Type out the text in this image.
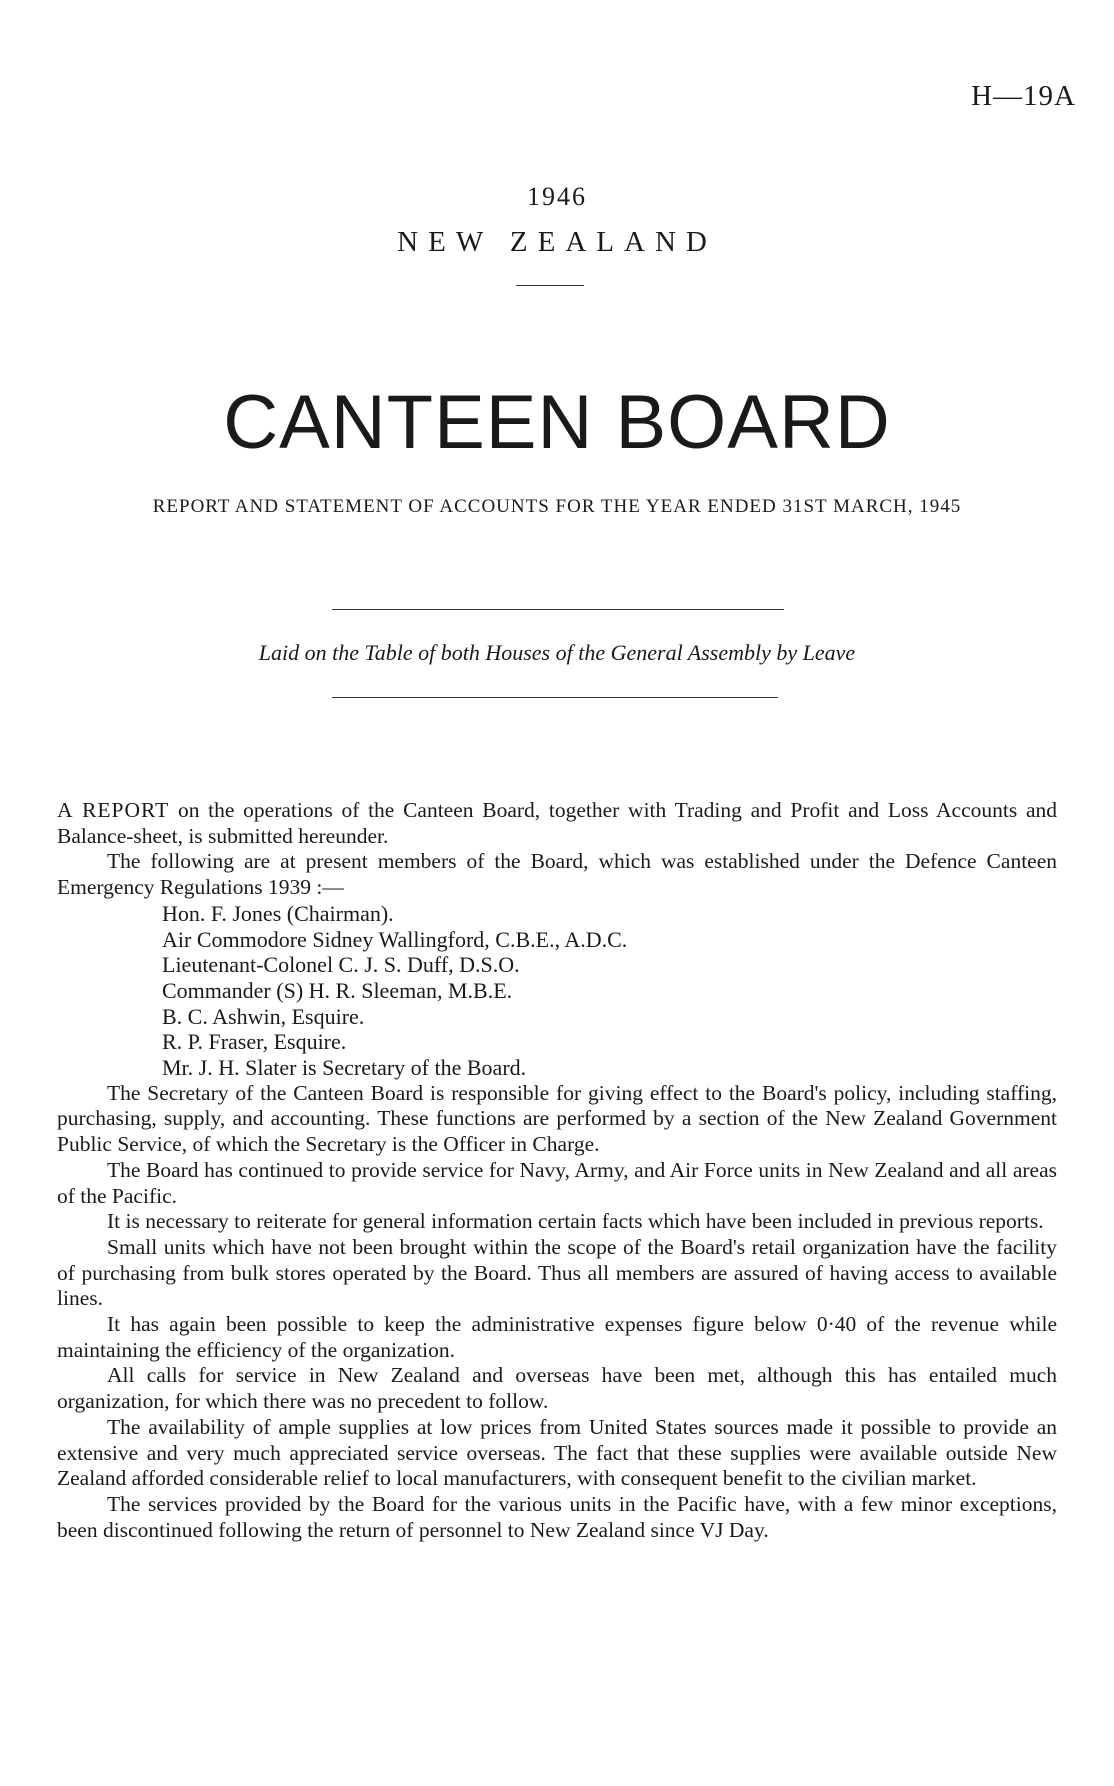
H—19A
1946
NEW ZEALAND
CANTEEN BOARD
REPORT AND STATEMENT OF ACCOUNTS FOR THE YEAR ENDED 31ST MARCH, 1945
Laid on the Table of both Houses of the General Assembly by Leave

A REPORT on the operations of the Canteen Board, together with Trading and Profit and Loss Accounts and Balance-sheet, is submitted hereunder.

The following are at present members of the Board, which was established under the Defence Canteen Emergency Regulations 1939 :—

Hon. F. Jones (Chairman).
Air Commodore Sidney Wallingford, C.B.E., A.D.C.
Lieutenant-Colonel C. J. S. Duff, D.S.O.
Commander (S) H. R. Sleeman, M.B.E.
B. C. Ashwin, Esquire.
R. P. Fraser, Esquire.
Mr. J. H. Slater is Secretary of the Board.

The Secretary of the Canteen Board is responsible for giving effect to the Board's policy, including staffing, purchasing, supply, and accounting. These functions are performed by a section of the New Zealand Government Public Service, of which the Secretary is the Officer in Charge.

The Board has continued to provide service for Navy, Army, and Air Force units in New Zealand and all areas of the Pacific.

It is necessary to reiterate for general information certain facts which have been included in previous reports.

Small units which have not been brought within the scope of the Board's retail organization have the facility of purchasing from bulk stores operated by the Board. Thus all members are assured of having access to available lines.

It has again been possible to keep the administrative expenses figure below 0·40 of the revenue while maintaining the efficiency of the organization.

All calls for service in New Zealand and overseas have been met, although this has entailed much organization, for which there was no precedent to follow.

The availability of ample supplies at low prices from United States sources made it possible to provide an extensive and very much appreciated service overseas. The fact that these supplies were available outside New Zealand afforded considerable relief to local manufacturers, with consequent benefit to the civilian market.

The services provided by the Board for the various units in the Pacific have, with a few minor exceptions, been discontinued following the return of personnel to New Zealand since VJ Day.
